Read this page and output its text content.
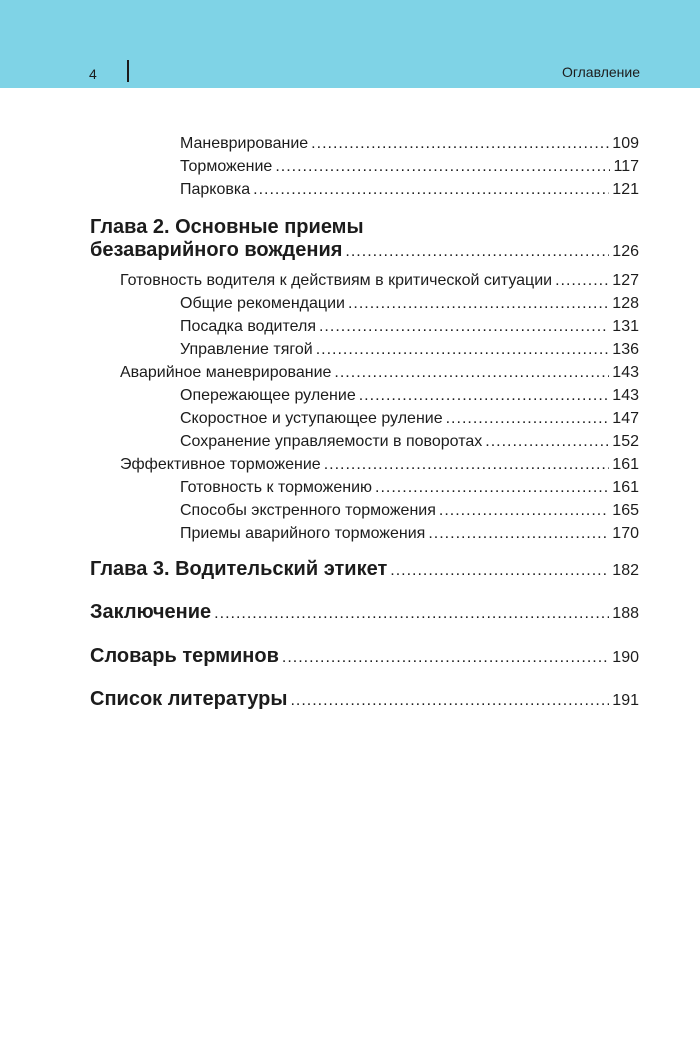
4	Оглавление
Маневрирование .....	109
Торможение .....	117
Парковка .....	121
Глава 2. Основные приемы
безаварийного вождения .....	126
Готовность водителя к действиям в критической ситуации .....	127
Общие рекомендации .....	128
Посадка водителя .....	131
Управление тягой .....	136
Аварийное маневрирование .....	143
Опережающее руление .....	143
Скоростное и уступающее руление .....	147
Сохранение управляемости в поворотах .....	152
Эффективное торможение .....	161
Готовность к торможению .....	161
Способы экстренного торможения .....	165
Приемы аварийного торможения .....	170
Глава 3. Водительский этикет .....	182
Заключение .....	188
Словарь терминов .....	190
Список литературы .....	191
